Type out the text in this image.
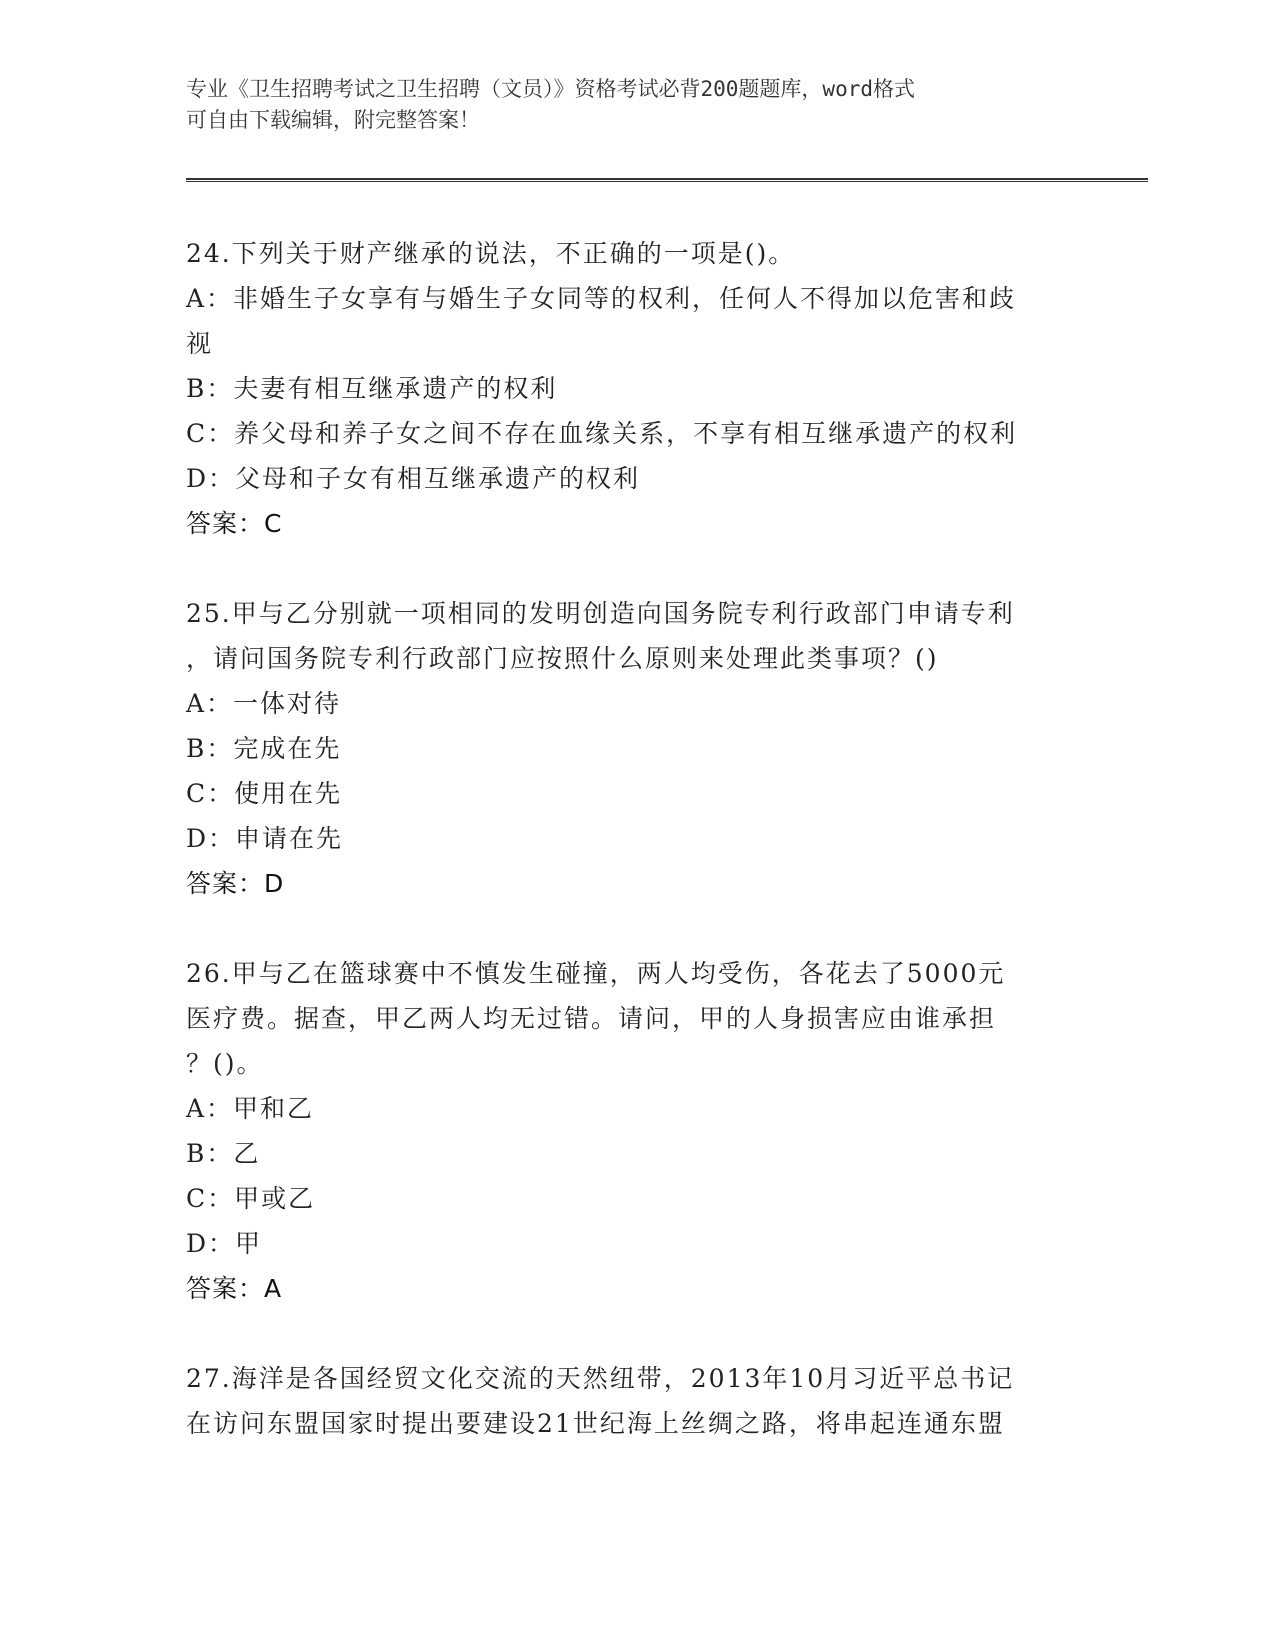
专业《卫生招聘考试之卫生招聘（文员）》资格考试必背200题题库，word格式
可自由下载编辑，附完整答案！
24.下列关于财产继承的说法，不正确的一项是()。
A：非婚生子女享有与婚生子女同等的权利，任何人不得加以危害和歧
视
B：夫妻有相互继承遗产的权利
C：养父母和养子女之间不存在血缘关系，不享有相互继承遗产的权利
D：父母和子女有相互继承遗产的权利
答案：C
25.甲与乙分别就一项相同的发明创造向国务院专利行政部门申请专利
，请问国务院专利行政部门应按照什么原则来处理此类事项？()
A：一体对待
B：完成在先
C：使用在先
D：申请在先
答案：D
26.甲与乙在篮球赛中不慎发生碰撞，两人均受伤，各花去了5000元
医疗费。据查，甲乙两人均无过错。请问，甲的人身损害应由谁承担
？()。
A：甲和乙
B：乙
C：甲或乙
D：甲
答案：A
27.海洋是各国经贸文化交流的天然纽带，2013年10月习近平总书记
在访问东盟国家时提出要建设21世纪海上丝绸之路，将串起连通东盟
